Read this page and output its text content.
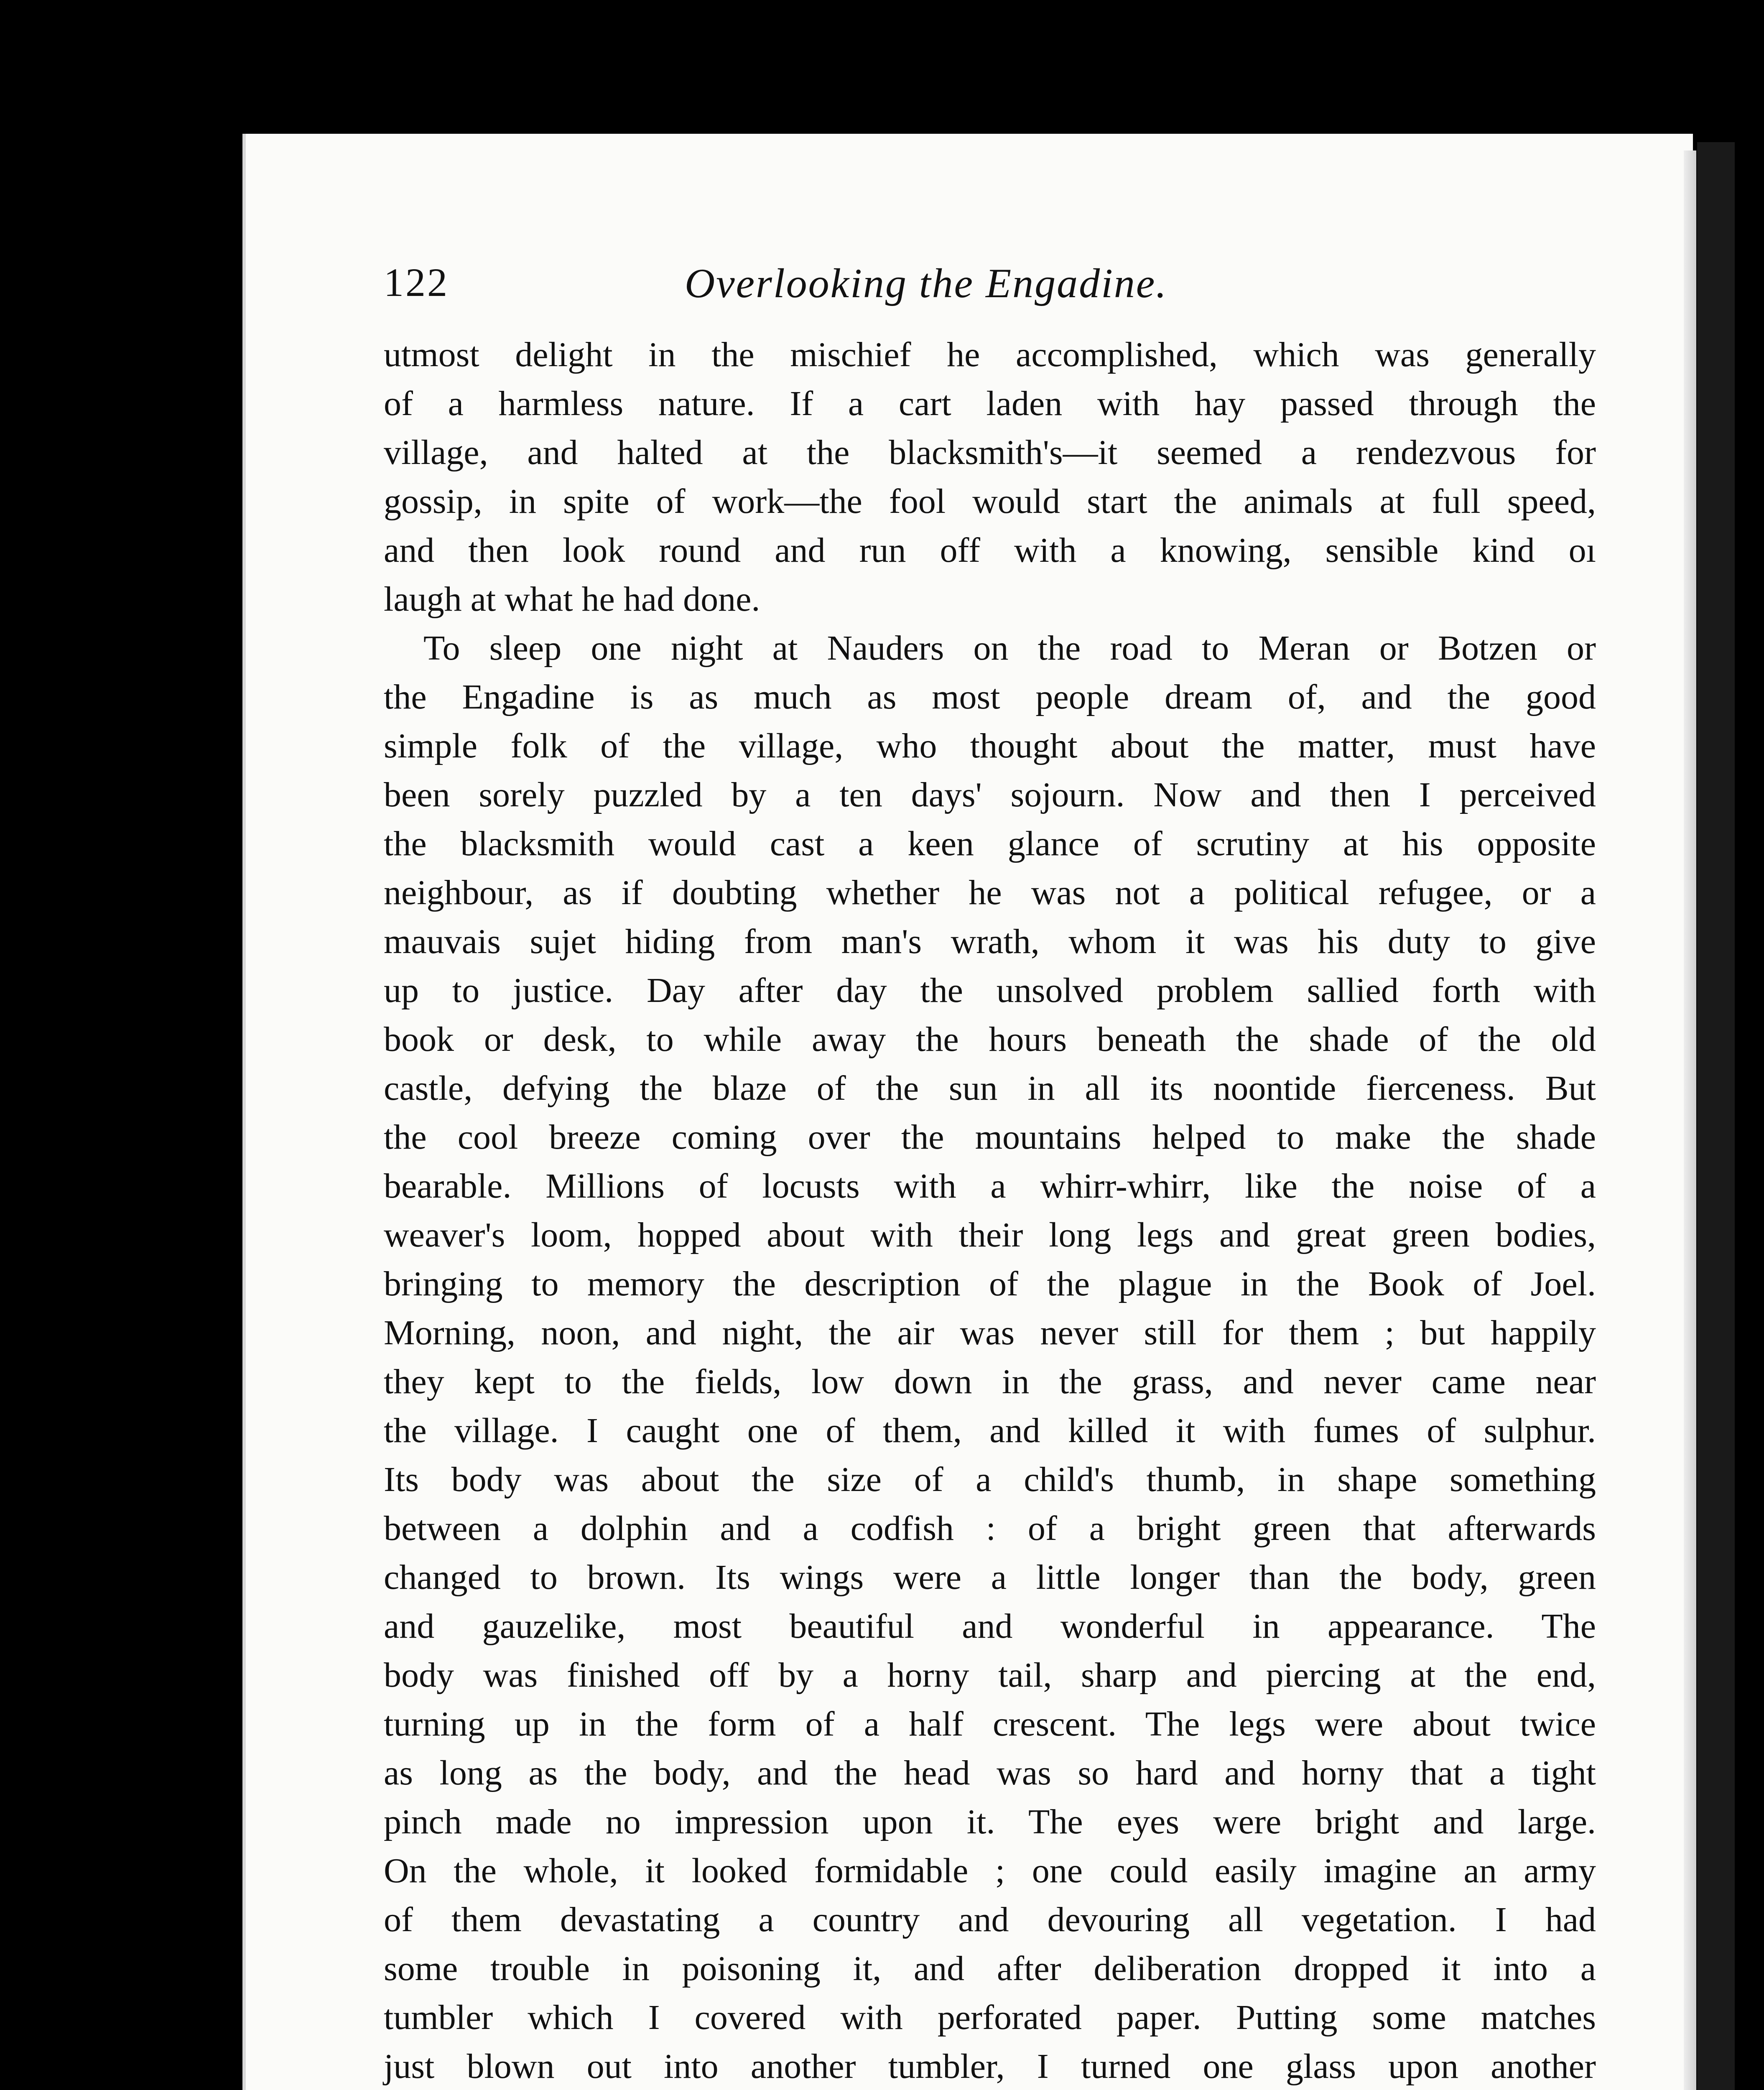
122	Overlooking the Engadine.
utmost delight in the mischief he accomplished, which was generally
of a harmless nature. If a cart laden with hay passed through the
village, and halted at the blacksmith's—it seemed a rendezvous for
gossip, in spite of work—the fool would start the animals at full speed,
and then look round and run off with a knowing, sensible kind oı
laugh at what he had done.
To sleep one night at Nauders on the road to Meran or Botzen or
the Engadine is as much as most people dream of, and the good
simple folk of the village, who thought about the matter, must have
been sorely puzzled by a ten days' sojourn. Now and then I perceived
the blacksmith would cast a keen glance of scrutiny at his opposite
neighbour, as if doubting whether he was not a political refugee, or a
mauvais sujet hiding from man's wrath, whom it was his duty to give
up to justice. Day after day the unsolved problem sallied forth with
book or desk, to while away the hours beneath the shade of the old
castle, defying the blaze of the sun in all its noontide fierceness. But
the cool breeze coming over the mountains helped to make the shade
bearable. Millions of locusts with a whirr-whirr, like the noise of a
weaver's loom, hopped about with their long legs and great green bodies,
bringing to memory the description of the plague in the Book of Joel.
Morning, noon, and night, the air was never still for them ; but happily
they kept to the fields, low down in the grass, and never came near
the village. I caught one of them, and killed it with fumes of sulphur.
Its body was about the size of a child's thumb, in shape something
between a dolphin and a codfish : of a bright green that afterwards
changed to brown. Its wings were a little longer than the body, green
and gauzelike, most beautiful and wonderful in appearance. The
body was finished off by a horny tail, sharp and piercing at the end,
turning up in the form of a half crescent. The legs were about twice
as long as the body, and the head was so hard and horny that a tight
pinch made no impression upon it. The eyes were bright and large.
On the whole, it looked formidable ; one could easily imagine an army
of them devastating a country and devouring all vegetation. I had
some trouble in poisoning it, and after deliberation dropped it into a
tumbler which I covered with perforated paper. Putting some matches
just blown out into another tumbler, I turned one glass upon another
